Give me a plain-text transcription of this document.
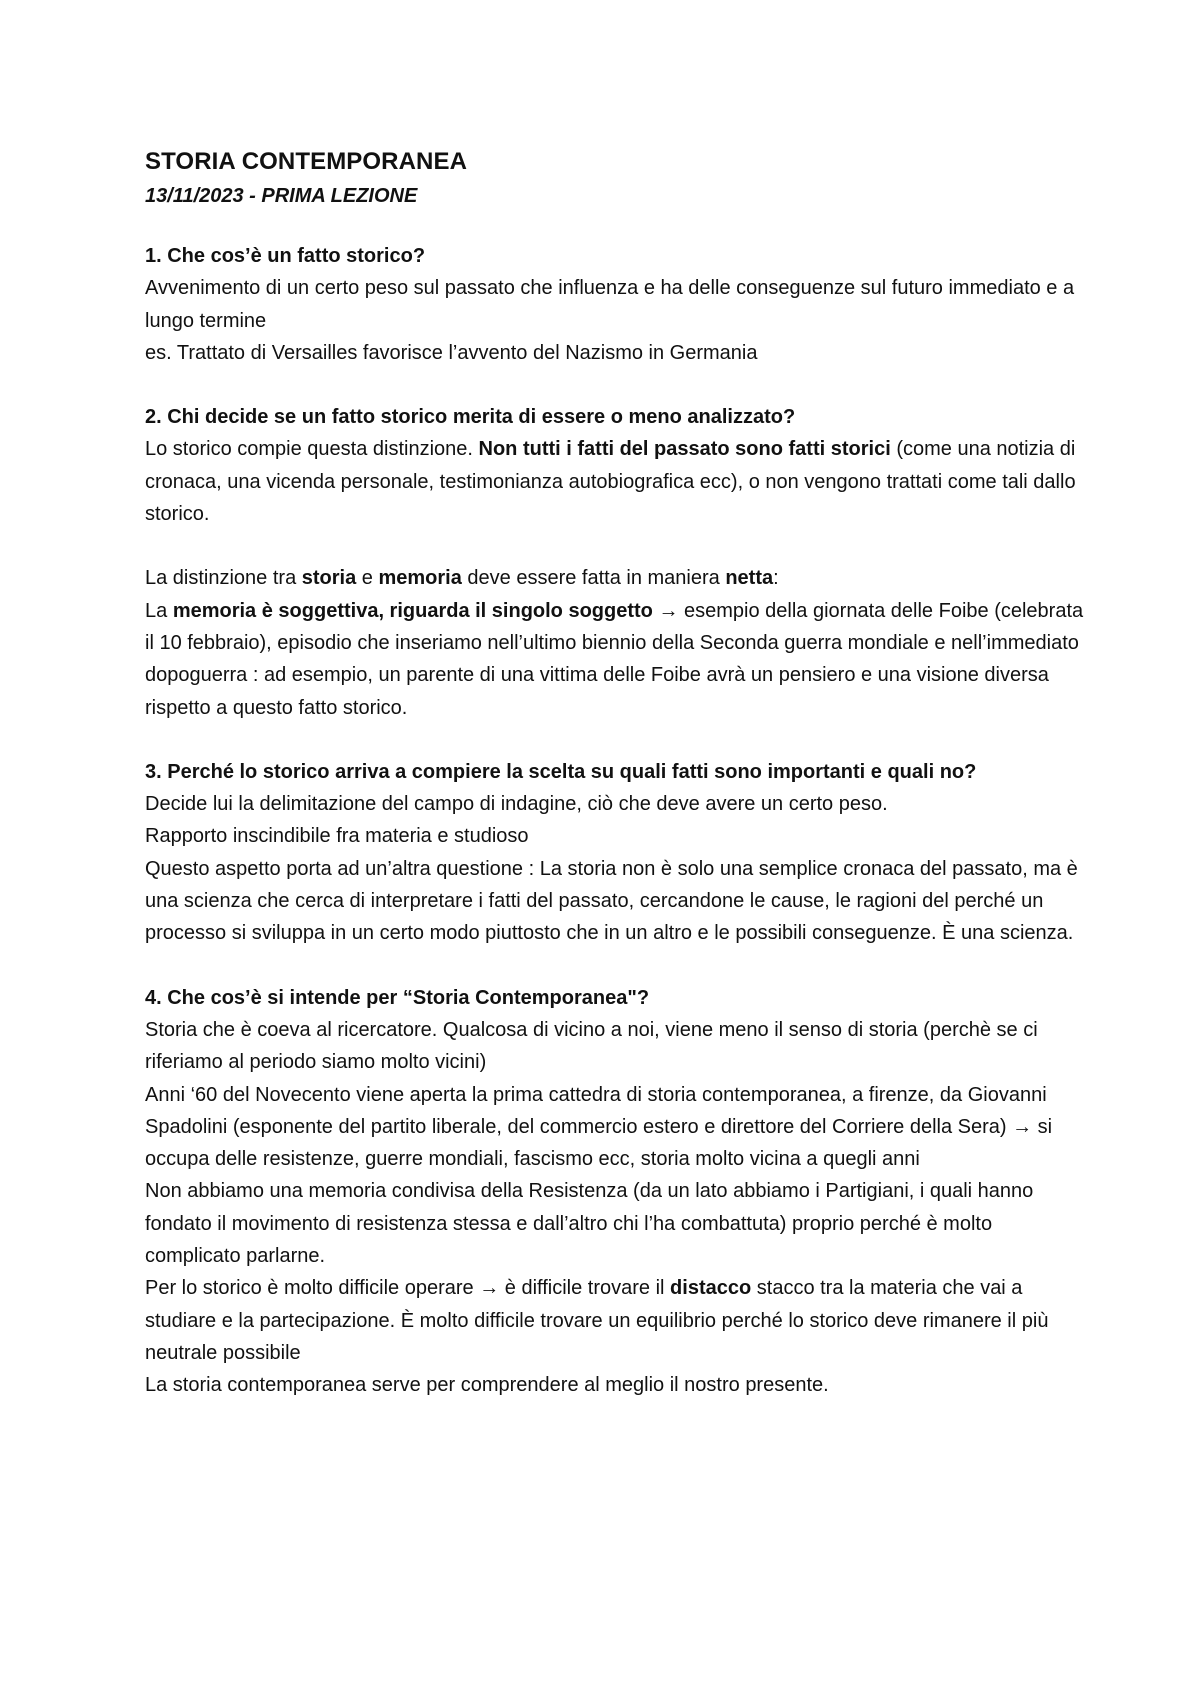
STORIA CONTEMPORANEA
13/11/2023 - PRIMA LEZIONE

1. Che cos’è un fatto storico?

Avvenimento di un certo peso sul passato che influenza e ha delle conseguenze sul futuro immediato e a lungo termine

es. Trattato di Versailles favorisce l’avvento del Nazismo in Germania

2. Chi decide se un fatto storico merita di essere o meno analizzato?

Lo storico compie questa distinzione. Non tutti i fatti del passato sono fatti storici (come una notizia di cronaca, una vicenda personale, testimonianza autobiografica ecc), o non vengono trattati come tali dallo storico.

La distinzione tra storia e memoria deve essere fatta in maniera netta:

La memoria è soggettiva, riguarda il singolo soggetto → esempio della giornata delle Foibe (celebrata il 10 febbraio), episodio che inseriamo nell’ultimo biennio della Seconda guerra mondiale e nell’immediato dopoguerra : ad esempio, un parente di una vittima delle Foibe avrà un pensiero e una visione diversa rispetto a questo fatto storico.

3. Perché lo storico arriva a compiere la scelta su quali fatti sono importanti e quali no?

Decide lui la delimitazione del campo di indagine, ciò che deve avere un certo peso.

Rapporto inscindibile fra materia e studioso

Questo aspetto porta ad un’altra questione : La storia non è solo una semplice cronaca del passato, ma è una scienza che cerca di interpretare i fatti del passato, cercandone le cause, le ragioni del perché un processo si sviluppa in un certo modo piuttosto che in un altro e le possibili conseguenze. È una scienza.

4. Che cos’è si intende per “Storia Contemporanea"?

Storia che è coeva al ricercatore. Qualcosa di vicino a noi, viene meno il senso di storia (perchè se ci riferiamo al periodo siamo molto vicini)

Anni ‘60 del Novecento viene aperta la prima cattedra di storia contemporanea, a firenze, da Giovanni Spadolini (esponente del partito liberale, del commercio estero e direttore del Corriere della Sera) → si occupa delle resistenze, guerre mondiali, fascismo ecc, storia molto vicina a quegli anni

Non abbiamo una memoria condivisa della Resistenza (da un lato abbiamo i Partigiani, i quali hanno fondato il movimento di resistenza stessa e dall’altro chi l’ha combattuta) proprio perché è molto complicato parlarne.

Per lo storico è molto difficile operare → è difficile trovare il distacco stacco tra la materia che vai a studiare e la partecipazione. È molto difficile trovare un equilibrio perché lo storico deve rimanere il più neutrale possibile

La storia contemporanea serve per comprendere al meglio il nostro presente.
